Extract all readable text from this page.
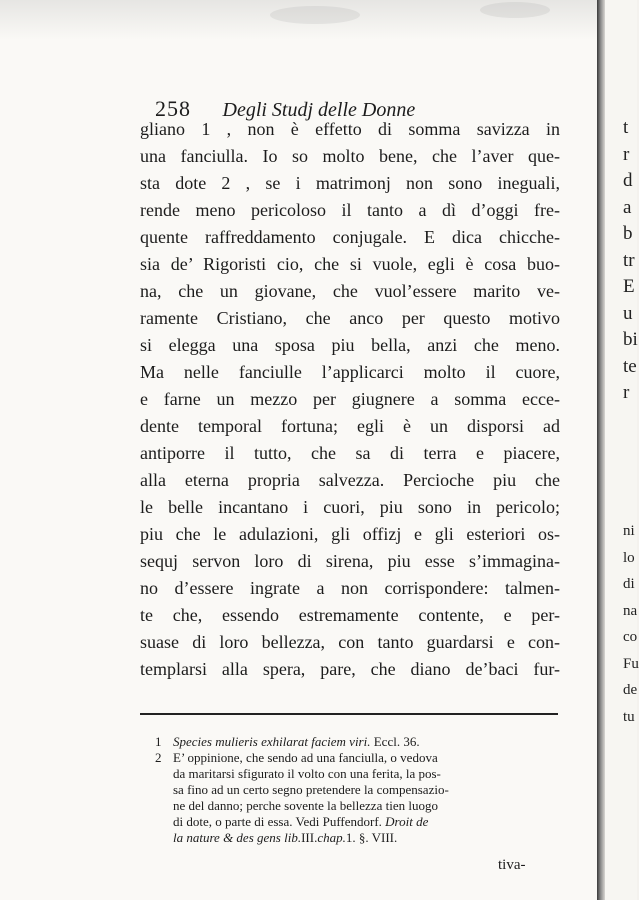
t
r
d
a
b
tr
E
u
bi
te
r
ni
lo
di
na
co
Fu
de
tu
258 Degli Studj delle Donne
gliano 1 , non è effetto di somma savizza in
una fanciulla. Io so molto bene, che l’aver que-
sta dote 2 , se i matrimonj non sono ineguali,
rende meno pericoloso il tanto a dì d’oggi fre-
quente raffreddamento conjugale. E dica chicche-
sia de’ Rigoristi cio, che si vuole, egli è cosa buo-
na, che un giovane, che vuol’essere marito ve-
ramente Cristiano, che anco per questo motivo
si elegga una sposa piu bella, anzi che meno.
Ma nelle fanciulle l’applicarci molto il cuore,
e farne un mezzo per giugnere a somma ecce-
dente temporal fortuna; egli è un disporsi ad
antiporre il tutto, che sa di terra e piacere,
alla eterna propria salvezza. Percioche piu che
le belle incantano i cuori, piu sono in pericolo;
piu che le adulazioni, gli offizj e gli esteriori os-
sequj servon loro di sirena, piu esse s’immagina-
no d’essere ingrate a non corrispondere: talmen-
te che, essendo estremamente contente, e per-
suase di loro bellezza, con tanto guardarsi e con-
templarsi alla spera, pare, che diano de’baci fur-
1 Species mulieris exhilarat faciem viri. Eccl. 36.
2 E’ oppinione, che sendo ad una fanciulla, o vedova
da maritarsi sfigurato il volto con una ferita, la pos-
sa fino ad un certo segno pretendere la compensazio-
ne del danno; perche sovente la bellezza tien luogo
di dote, o parte di essa. Vedi Puffendorf. Droit de
la nature & des gens lib.III.chap.1. §. VIII.
tiva-
